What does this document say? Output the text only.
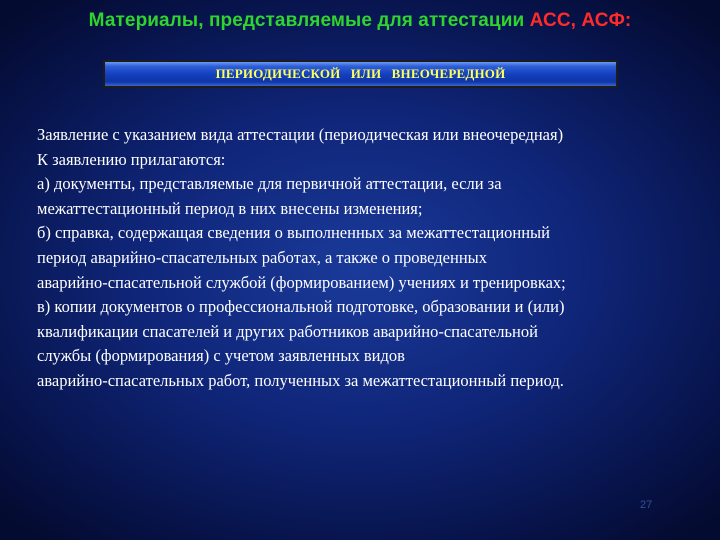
Материалы, представляемые для аттестации АСС, АСФ:
ПЕРИОДИЧЕСКОЙ   ИЛИ   ВНЕОЧЕРЕДНОЙ
Заявление с указанием вида аттестации (периодическая или внеочередная)
К заявлению прилагаются:
а) документы, представляемые для первичной аттестации, если за
межаттестационный период в них внесены изменения;
б) справка, содержащая сведения о выполненных за межаттестационный
период аварийно-спасательных работах, а также о проведенных
аварийно-спасательной службой (формированием) учениях и тренировках;
в) копии документов о профессиональной подготовке, образовании и (или)
квалификации спасателей и других работников аварийно-спасательной
службы (формирования) с учетом заявленных видов
аварийно-спасательных работ, полученных за межаттестационный период.
27
